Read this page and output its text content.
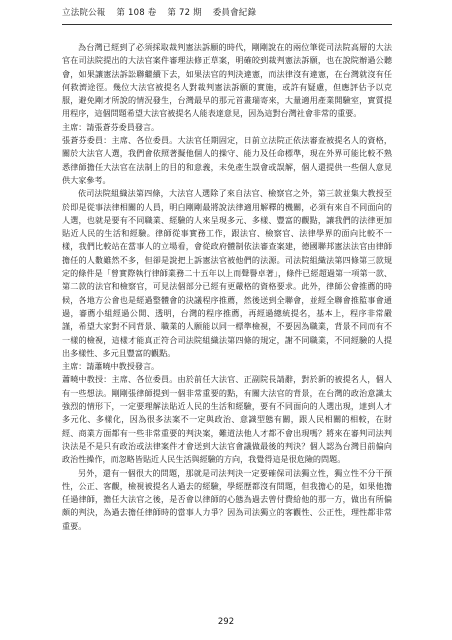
立法院公報 第 108 卷 第 72 期 委員會紀錄

為台灣已經到了必須採取裁判憲法訴願的時代，剛剛說在的兩位筆從司法院高層的大法官在司法院提出的大法官案件審理法修正草案，明確皎到裁判憲法訴願，也在說院辦過公聽會，如果讓憲法訴訟聯繼續下去，如果法官的判決違憲，而法律沒有違憲，在台灣就沒有任何救濟途徑。幾位大法官被提名人對裁判憲法訴願的實施，或許有疑慮，但應評估予以克服，避免剛才所說的情況發生，台灣最早的那元首畫瑞寄來，大量適用產業開驗室，實質提用程序，這個問題希望大法官被提名人能表達意見，因為這對台灣社會非常的重要。

主席：請張蒼芬委員發言。

張蒼芬委員：主席、各位委員。大法官任期固定，日前立法院正依法審查被提名人的資格，關於大法官人選，我們會依照著擬他個人的操守、能力及任命標準，現在外界可能比較不熟悉律師擔任大法官在法制上的目的和意義，未免產生誤會或誤解，個人還提供一些個人意見供大家參考。

依司法院組織法第四條，大法官人選除了來自法官、檢察官之外，第三款並集大教授至於即是從事法律相關的人員，明白剛剛最將說法律適用解釋的機關，必須有來自不同面向的人選，也就是要有不同職業、經驗的人來呈現多元、多樣、豐富的觀點，讓我們的法律更加貼近人民的生活和經驗。律師從事實務工作，跟法官、檢察官、法律學界的面向比較不一樣，我們比較站在當事人的立場看，會從政府體制依法審查案建，德國聯邦憲法法官由律師擔任的人數雖然不多，但卻是說把上訴憲法官被他們的法源。司法院組織法第四條第三款規定的條件是「曾實際執行律師業務二十五年以上而聲譽卓著」，條件已經超過第一項第一款、第二款的法官和檢察官，可見法個部分已經有更嚴格的資格要求。此外，律師公會推薦的時候，各地方公會也是經過整體會的決議程序推薦，然後送到全聯會，並經全聯會推監事會通過，審薦小組經過公開、透明，台灣的程序推薦，再經過總統提名，基本上，程序非常嚴謹，希望大家對不同背景、職業的人願能以同一標準檢視，不要因為職業，背景不同而有不一樣的檢視，這樣才能真正符合司法院組織法第四條的規定，謝不同職業，不同經驗的人提出多樣性、多元且豐富的觀點。

主席：請蕭曉中教授發言。

蕭曉中教授：主席、各位委員。由於前任大法官、正副院長請辭，對於新的被提名人，個人有一些想法。剛剛張律師提到一個非常重要的點，有關大法官的背景，在台灣的政治意識太強烈的情形下，一定要理解法貼近人民的生活和經驗，要有不同面向的人選出現，達到人才多元化、多樣化，因為很多法案不一定與政治、意識型態有關，跟人民相關的相較，在財經、商業方面都有一些非常重要的判決案，難道法他人才都不會出現嗎？將來在審判司法判決法是不是只有政治或法律案件才會送到大法官會議做最後的判決？個人認為台灣目前偏向政治性操作，而忽略皆貼近人民生活與經驗的方向，我覺得這是很危險的問題。

另外，還有一個很大的問題，那就是司法判決一定要確保司法獨立性，獨立性不分干預性，公正、客觀，檢視被提名人過去的經驗，學經歷都沒有問題，但我擔心的是，如果他擔任過律師，擔任大法官之後，是否會以律師的心態為過去曾付費給他的那一方，做出有所偏頗的判決，為過去擔任律師時的當事人力爭？因為司法獨立的客觀性、公正性，理性都非常重要。

292
